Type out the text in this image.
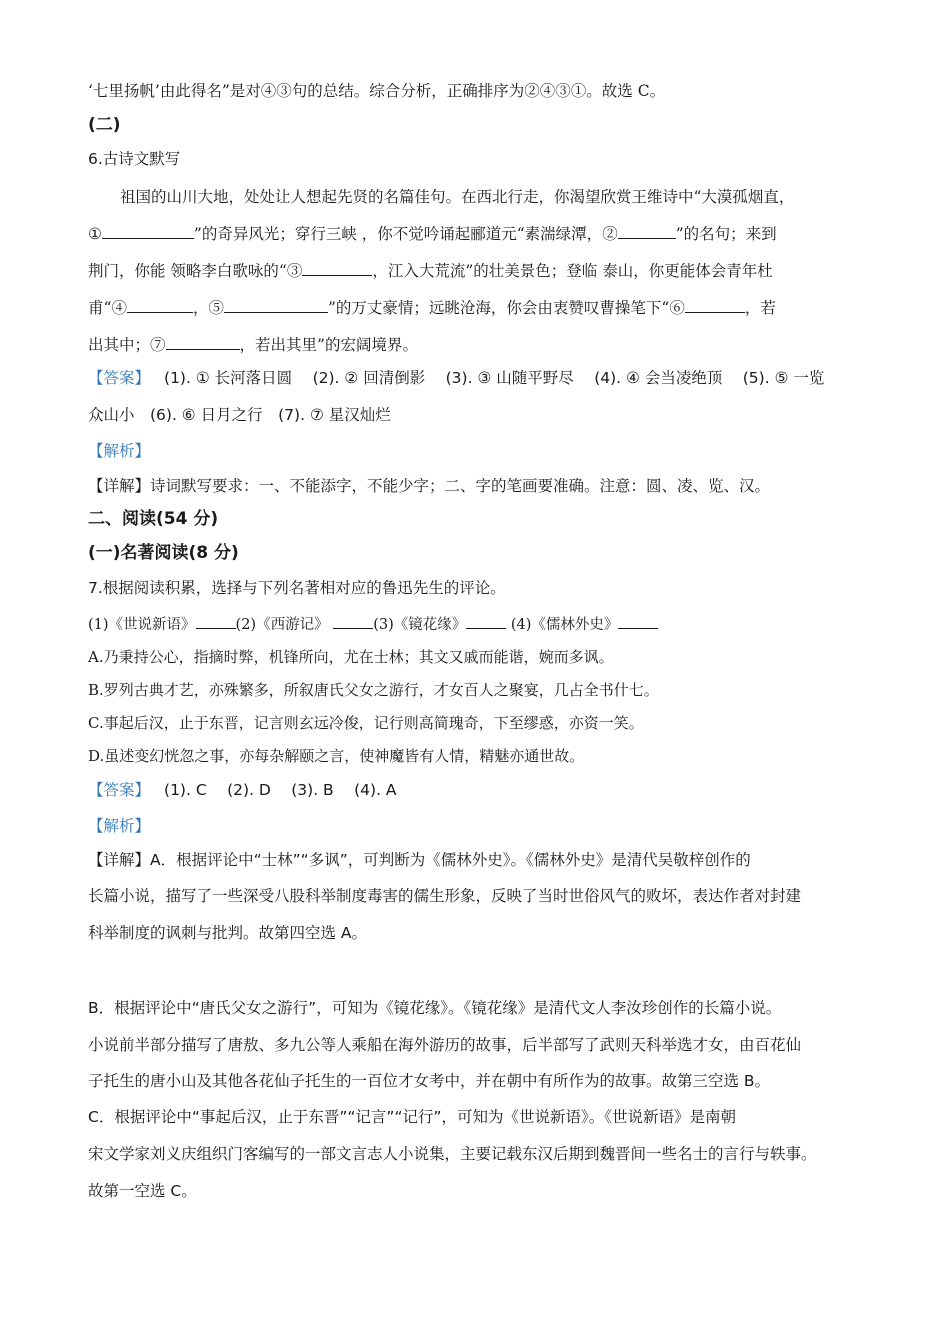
‘七里扬帆’由此得名”是对④③句的总结。综合分析，正确排序为②④③①。故选 C。
(二)
6.古诗文默写
祖国的山川大地，处处让人想起先贤的名篇佳句。在西北行走，你渴望欣赏王维诗中“大漠孤烟直，
①	”的奇异风光；穿行三峡 ，你不觉吟诵起郦道元“素湍绿潭，②	”的名句；来到
荆门，你能 领略李白歌咏的“③	，江入大荒流”的壮美景色；登临 泰山，你更能体会青年杜
甫“④	，⑤	”的万丈豪情；远眺沧海，你会由衷赞叹曹操笔下“⑥	，若
出其中；⑦	，若出其里”的宏阔境界。
【答案】 (1). ① 长河落日圆　 (2). ② 回清倒影　 (3). ③ 山随平野尽　 (4). ④ 会当凌绝顶　 (5). ⑤ 一览
众山小　(6). ⑥ 日月之行　(7). ⑦ 星汉灿烂
【解析】
【详解】诗词默写要求：一、不能添字，不能少字；二、字的笔画要准确。注意：圆、凌、览、汉。
二、阅读(54 分)
(一)名著阅读(8 分)
7.根据阅读积累，选择与下列名著相对应的鲁迅先生的评论。
(1)《世说新语》	(2)《西游记》	(3)《镜花缘》	(4)《儒林外史》
A.乃秉持公心，指摘时弊，机锋所向，尤在士林；其文又戚而能谐，婉而多讽。
B.罗列古典才艺，亦殊繁多，所叙唐氏父女之游行，才女百人之聚宴，几占全书什七。
C.事起后汉，止于东晋，记言则玄远冷俊，记行则高简瑰奇，下至缪惑，亦资一笑。
D.虽述变幻恍忽之事，亦每杂解颐之言，使神魔皆有人情，精魅亦通世故。
【答案】 (1). C　 (2). D　 (3). B　 (4). A
【解析】
【详解】A．根据评论中“士林”“多讽”，可判断为《儒林外史》。《儒林外史》是清代吴敬梓创作的
长篇小说，描写了一些深受八股科举制度毒害的儒生形象，反映了当时世俗风气的败坏，表达作者对封建
科举制度的讽刺与批判。故第四空选 A。
B．根据评论中“唐氏父女之游行”，可知为《镜花缘》。《镜花缘》是清代文人李汝珍创作的长篇小说。
小说前半部分描写了唐敖、多九公等人乘船在海外游历的故事，后半部写了武则天科举选才女，由百花仙
子托生的唐小山及其他各花仙子托生的一百位才女考中，并在朝中有所作为的故事。故第三空选 B。
C．根据评论中“事起后汉，止于东晋”“记言”“记行”，可知为《世说新语》。《世说新语》是南朝
宋文学家刘义庆组织门客编写的一部文言志人小说集，主要记载东汉后期到魏晋间一些名士的言行与轶事。
故第一空选 C。
